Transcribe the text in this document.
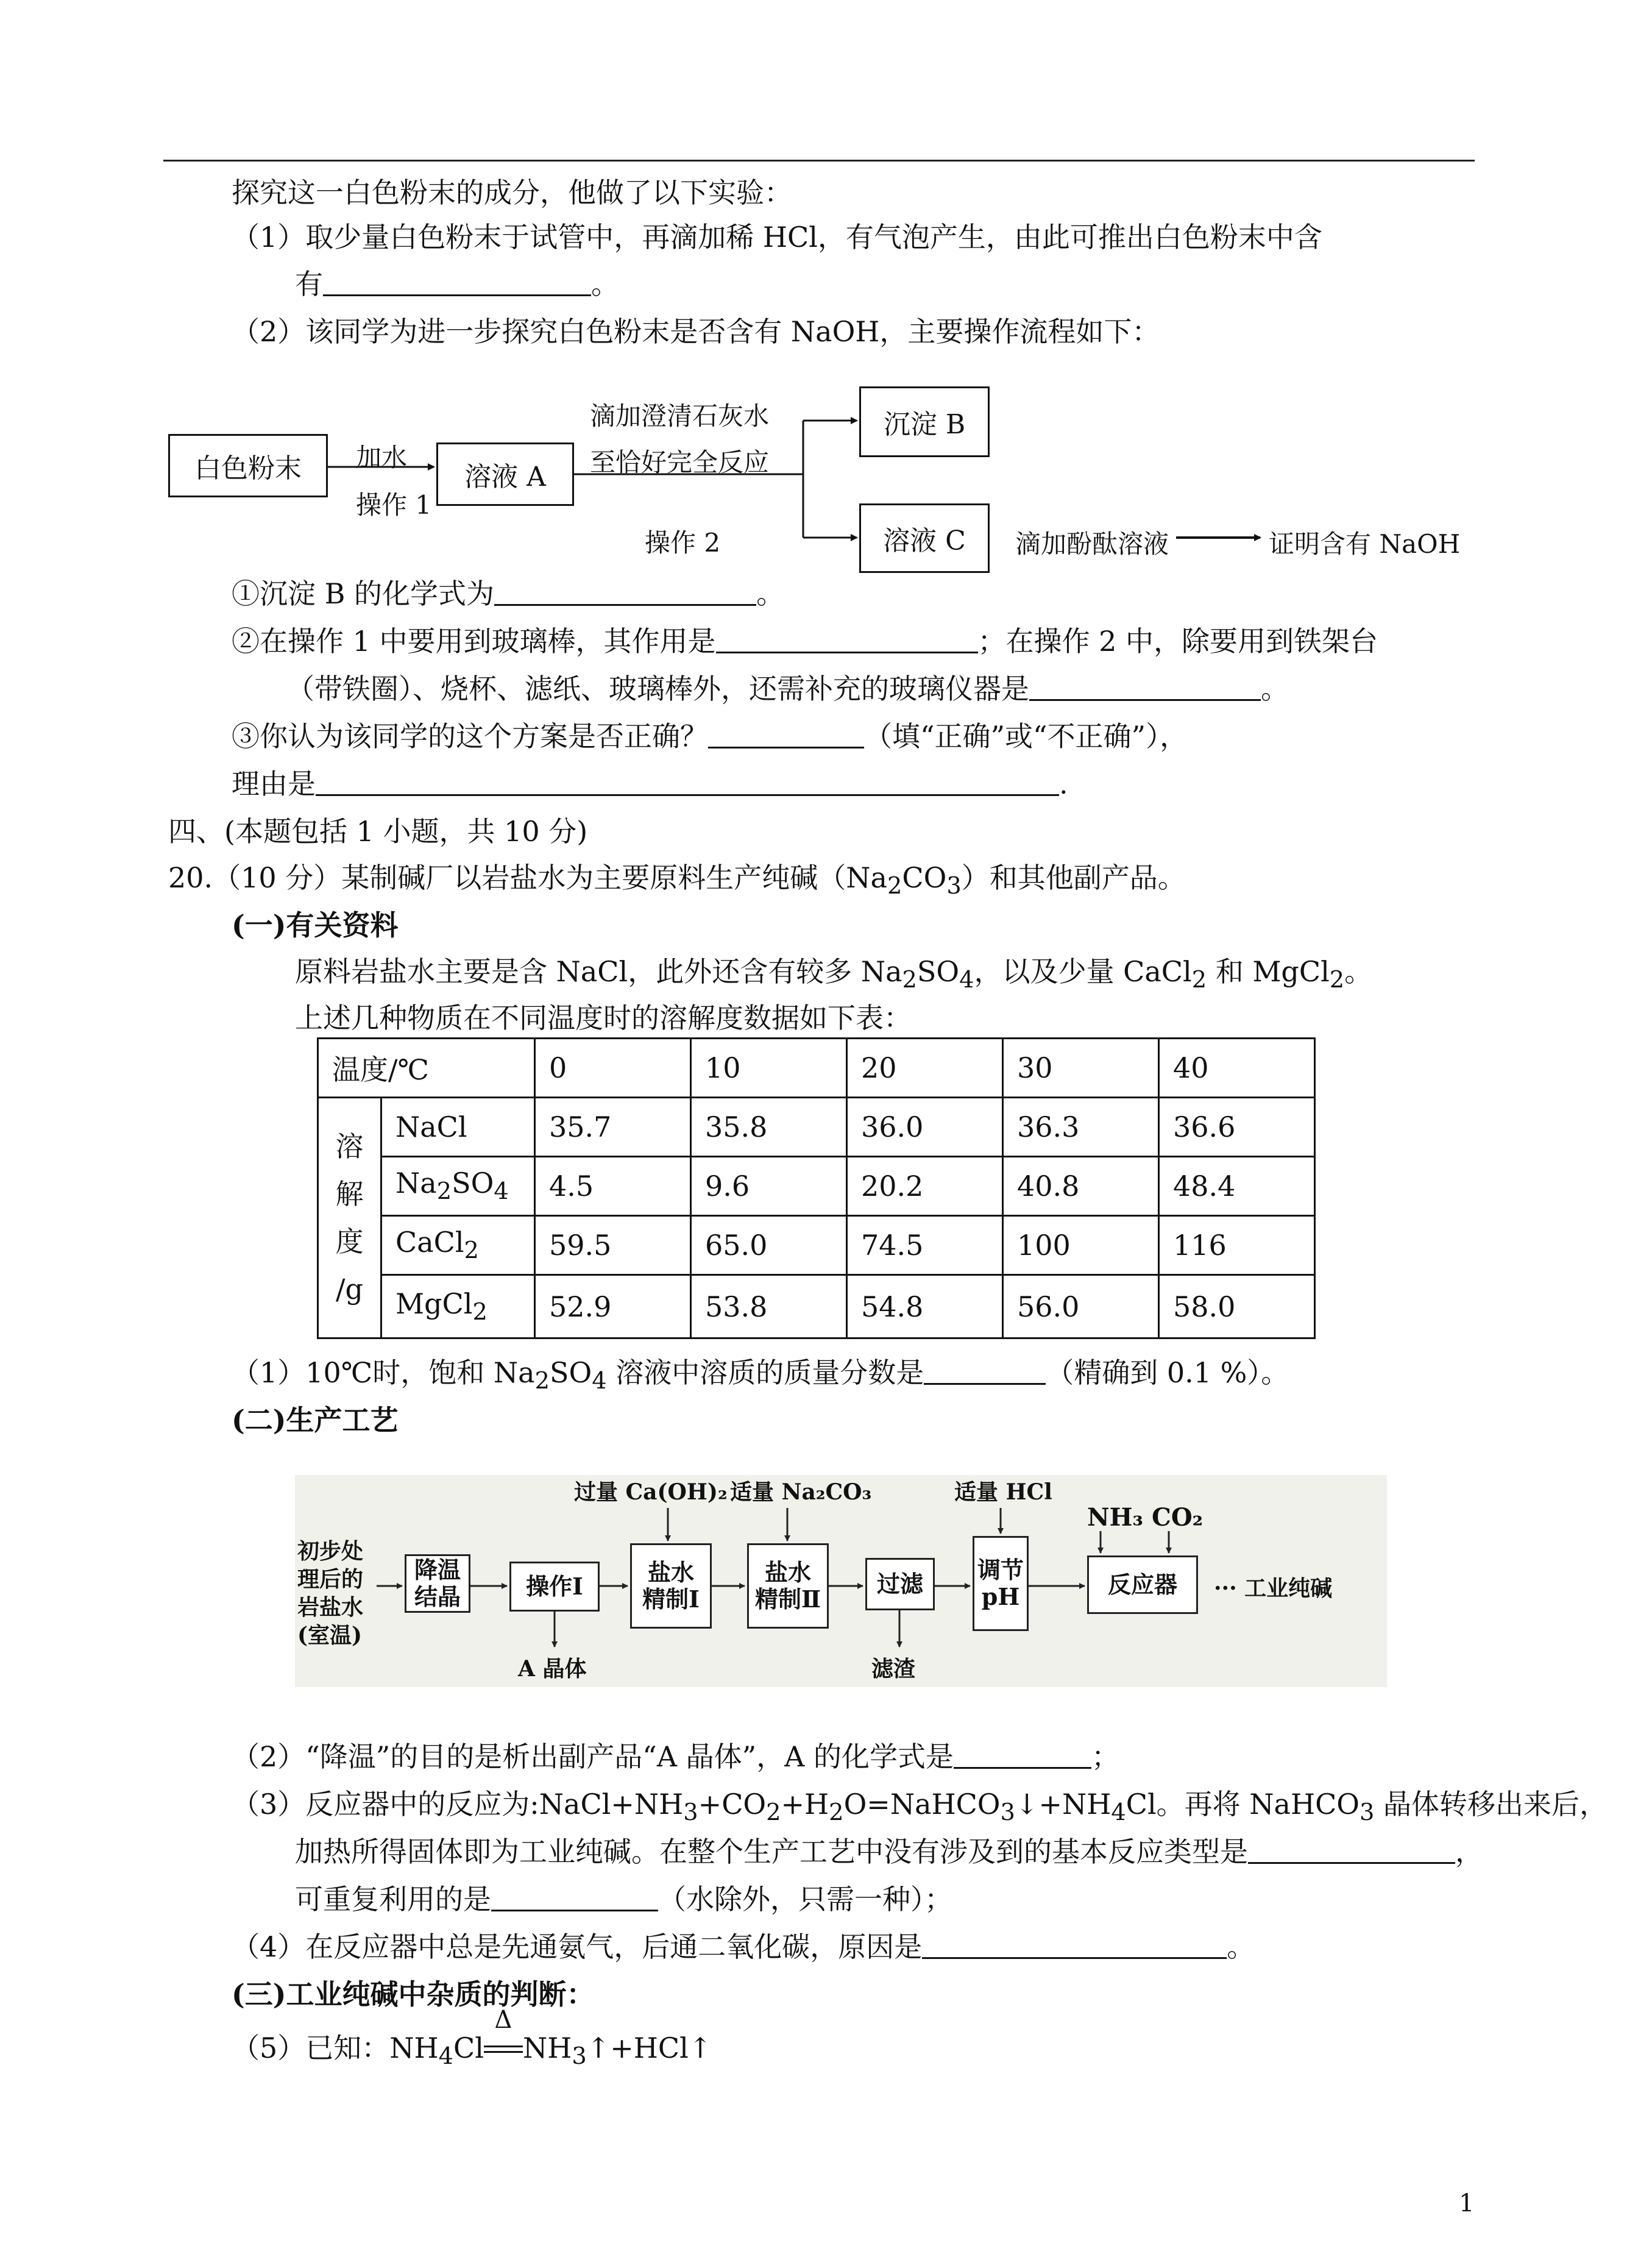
探究这一白色粉末的成分，他做了以下实验：
（1）取少量白色粉末于试管中，再滴加稀 HCl，有气泡产生，由此可推出白色粉末中含
有	。
（2）该同学为进一步探究白色粉末是否含有 NaOH，主要操作流程如下：
白色粉末	加水
操作 1
溶液 A
滴加澄清石灰水
至恰好完全反应
操作 2
沉淀 B
溶液 C	滴加酚酞溶液	证明含有 NaOH
①沉淀 B 的化学式为	。
②在操作 1 中要用到玻璃棒，其作用是	；在操作 2 中，除要用到铁架台
（带铁圈）、烧杯、滤纸、玻璃棒外，还需补充的玻璃仪器是	。
③你认为该同学的这个方案是否正确？	（填“正确”或“不正确”），
理由是	.
四、(本题包括 1 小题，共 10 分)
20.（10 分）某制碱厂以岩盐水为主要原料生产纯碱$(Na_2CO_3)$和其他副产品。
(一)有关资料
原料岩盐水主要是含 NaCl，此外还含有较多 $Na_2SO_4$，以及少量 CaCl$_2$ 和 MgCl$_2$。
上述几种物质在不同温度时的溶解度数据如下表：
温度/℃		0	10	20	30	40

溶
解
度
/g	NaCl	35.7	35.8	36.0	36.3	36.6
	$Na_2SO_4$	4.5	9.6	20.2	40.8	48.4
	CaCl$_2$	59.5	65.0	74.5	100	116
	MgCl$_2$	52.9	53.8	54.8	56.0	58.0
（1）10℃时，饱和 $Na_2SO_4$ 溶液中溶质的质量分数是	（精确到 0.1 %）。
(二)生产工艺
初步处
理后的
岩盐水
(室温)
降温
结晶	操作Ⅰ
A 晶体
过量 Ca(OH)₂
盐水
精制Ⅰ
适量 Na₂CO₃
盐水
精制Ⅱ
过滤
滤渣
适量 HCl
调节
pH
NH₃ CO₂
反应器	··· 工业纯碱
（2）“降温”的目的是析出副产品“A 晶体”，A 的化学式是	；
（3）反应器中的反应为$:NaCl+NH_3+CO_2+H_2O=NaHCO_3↓+NH_4Cl$。再将 NaHCO$_3$ 晶体转移出来后，
加热所得固体即为工业纯碱。在整个生产工艺中没有涉及到的基本反应类型是	，
可重复利用的是	（水除外，只需一种）；
（4）在反应器中总是先通氨气，后通二氧化碳，原因是	。
(三)工业纯碱中杂质的判断：
（5）已知：$NH_4Cl$
Δ
$NH_3↑+HCl↑$
1
